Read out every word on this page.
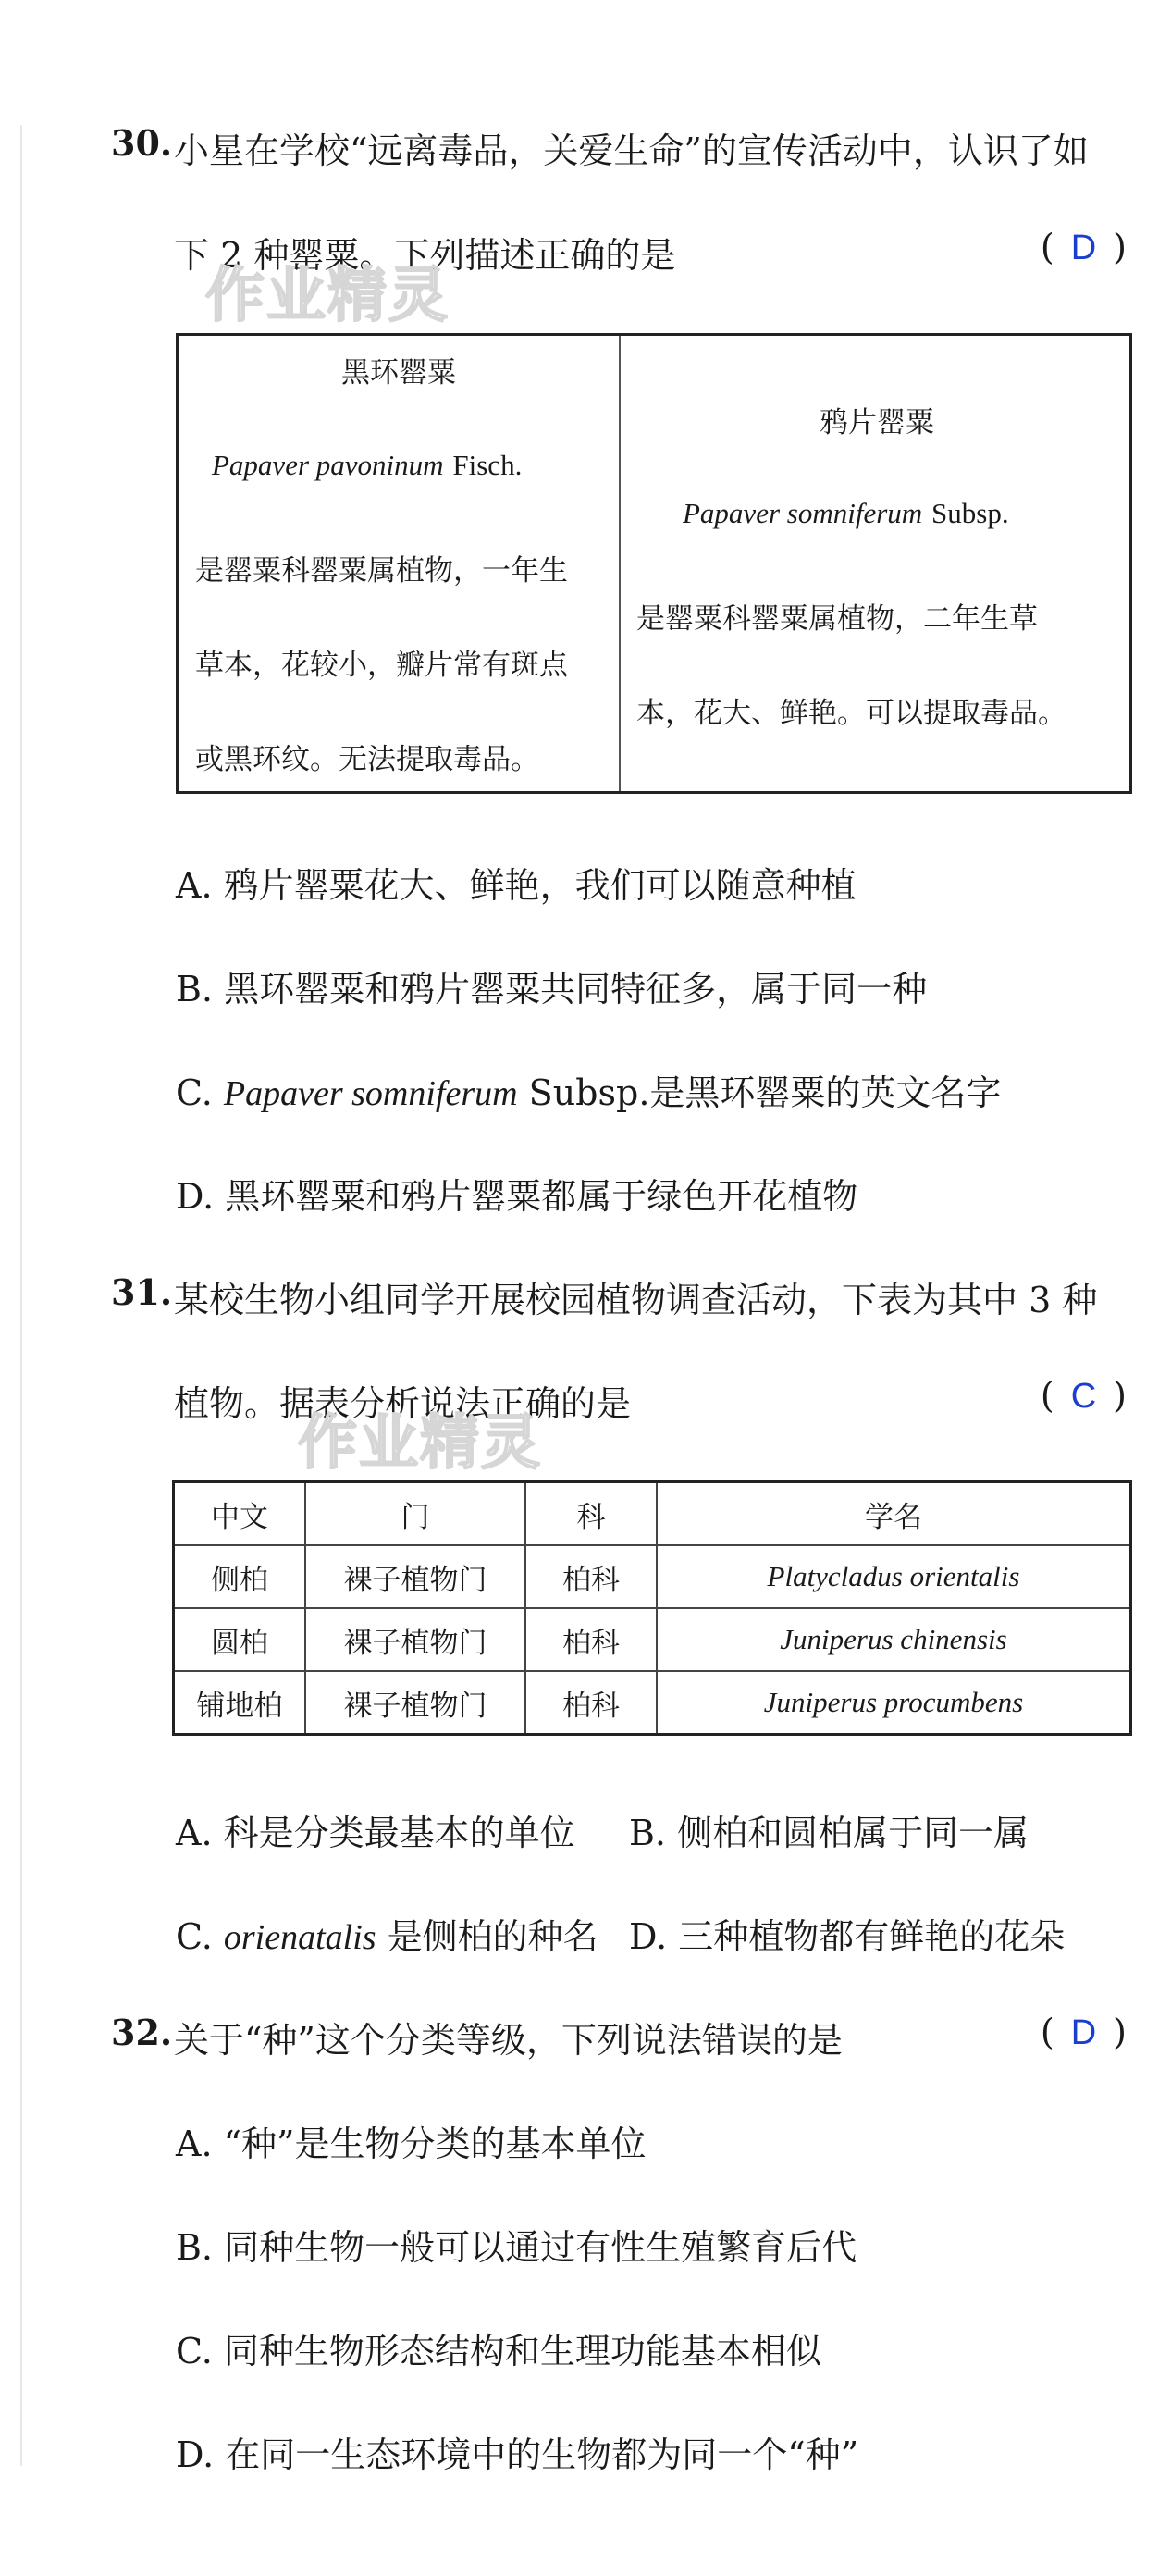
30. 小星在学校“远离毒品，关爱生命”的宣传活动中，认识了如
下 2 种罂粟。下列描述正确的是	( D )
作业精灵
黑环罂粟
Papaver pavoninum Fisch.
是罂粟科罂粟属植物，一年生
草本，花较小，瓣片常有斑点
或黑环纹。无法提取毒品。
鸦片罂粟
Papaver somniferum Subsp.
是罂粟科罂粟属植物，二年生草
本，花大、鲜艳。可以提取毒品。
A. 鸦片罂粟花大、鲜艳，我们可以随意种植
B. 黑环罂粟和鸦片罂粟共同特征多，属于同一种
C. Papaver somniferum Subsp.是黑环罂粟的英文名字
D. 黑环罂粟和鸦片罂粟都属于绿色开花植物
31. 某校生物小组同学开展校园植物调查活动，下表为其中 3 种
植物。据表分析说法正确的是	( C )
作业精灵
中文	门	科	学名
侧柏	裸子植物门	柏科	Platycladus orientalis
圆柏	裸子植物门	柏科	Juniperus chinensis
铺地柏	裸子植物门	柏科	Juniperus procumbens
A. 科是分类最基本的单位 B. 侧柏和圆柏属于同一属
C. orienatalis 是侧柏的种名 D. 三种植物都有鲜艳的花朵
32. 关于“种”这个分类等级，下列说法错误的是	( D )
A. “种”是生物分类的基本单位
B. 同种生物一般可以通过有性生殖繁育后代
C. 同种生物形态结构和生理功能基本相似
D. 在同一生态环境中的生物都为同一个“种”
